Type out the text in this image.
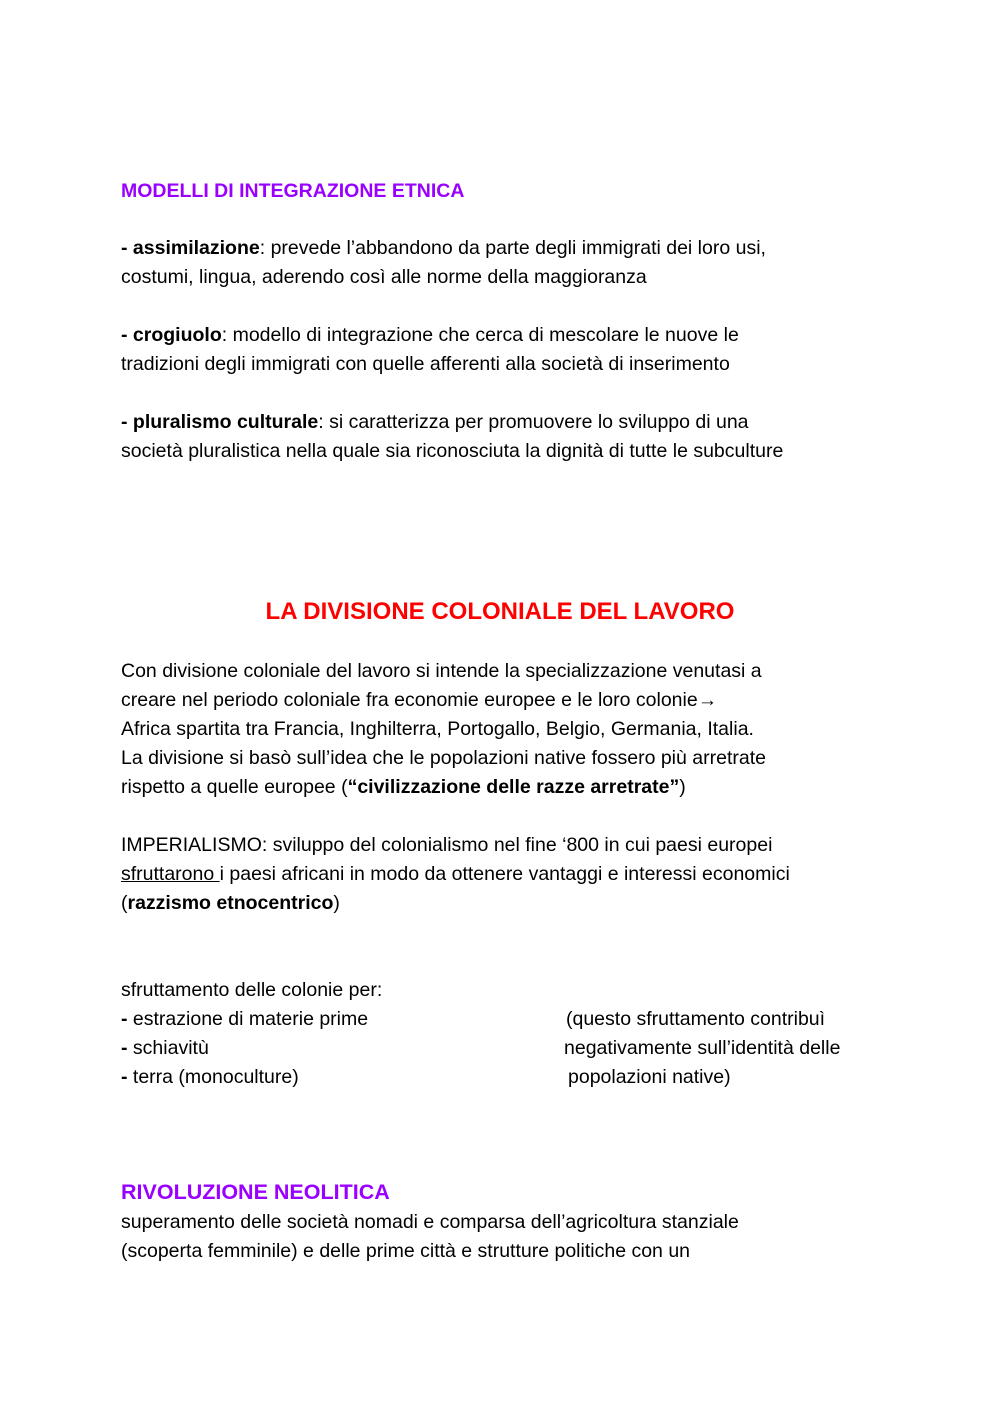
MODELLI DI INTEGRAZIONE ETNICA
- assimilazione: prevede l’abbandono da parte degli immigrati dei loro usi,
costumi, lingua, aderendo così alle norme della maggioranza
- crogiuolo: modello di integrazione che cerca di mescolare le nuove le
tradizioni degli immigrati con quelle afferenti alla società di inserimento
- pluralismo culturale: si caratterizza per promuovere lo sviluppo di una
società pluralistica nella quale sia riconosciuta la dignità di tutte le subculture
LA DIVISIONE COLONIALE DEL LAVORO
Con divisione coloniale del lavoro si intende la specializzazione venutasi a
creare nel periodo coloniale fra economie europee e le loro colonie→
Africa spartita tra Francia, Inghilterra, Portogallo, Belgio, Germania, Italia.
La divisione si basò sull’idea che le popolazioni native fossero più arretrate
rispetto a quelle europee (“civilizzazione delle razze arretrate”)
IMPERIALISMO: sviluppo del colonialismo nel fine ‘800 in cui paesi europei
sfruttarono i paesi africani in modo da ottenere vantaggi e interessi economici
(razzismo etnocentrico)
sfruttamento delle colonie per:
- estrazione di materie prime
- schiavitù
- terra (monoculture)
(questo sfruttamento contribuì
negativamente sull’identità delle
popolazioni native)
RIVOLUZIONE NEOLITICA
superamento delle società nomadi e comparsa dell’agricoltura stanziale
(scoperta femminile) e delle prime città e strutture politiche con un
